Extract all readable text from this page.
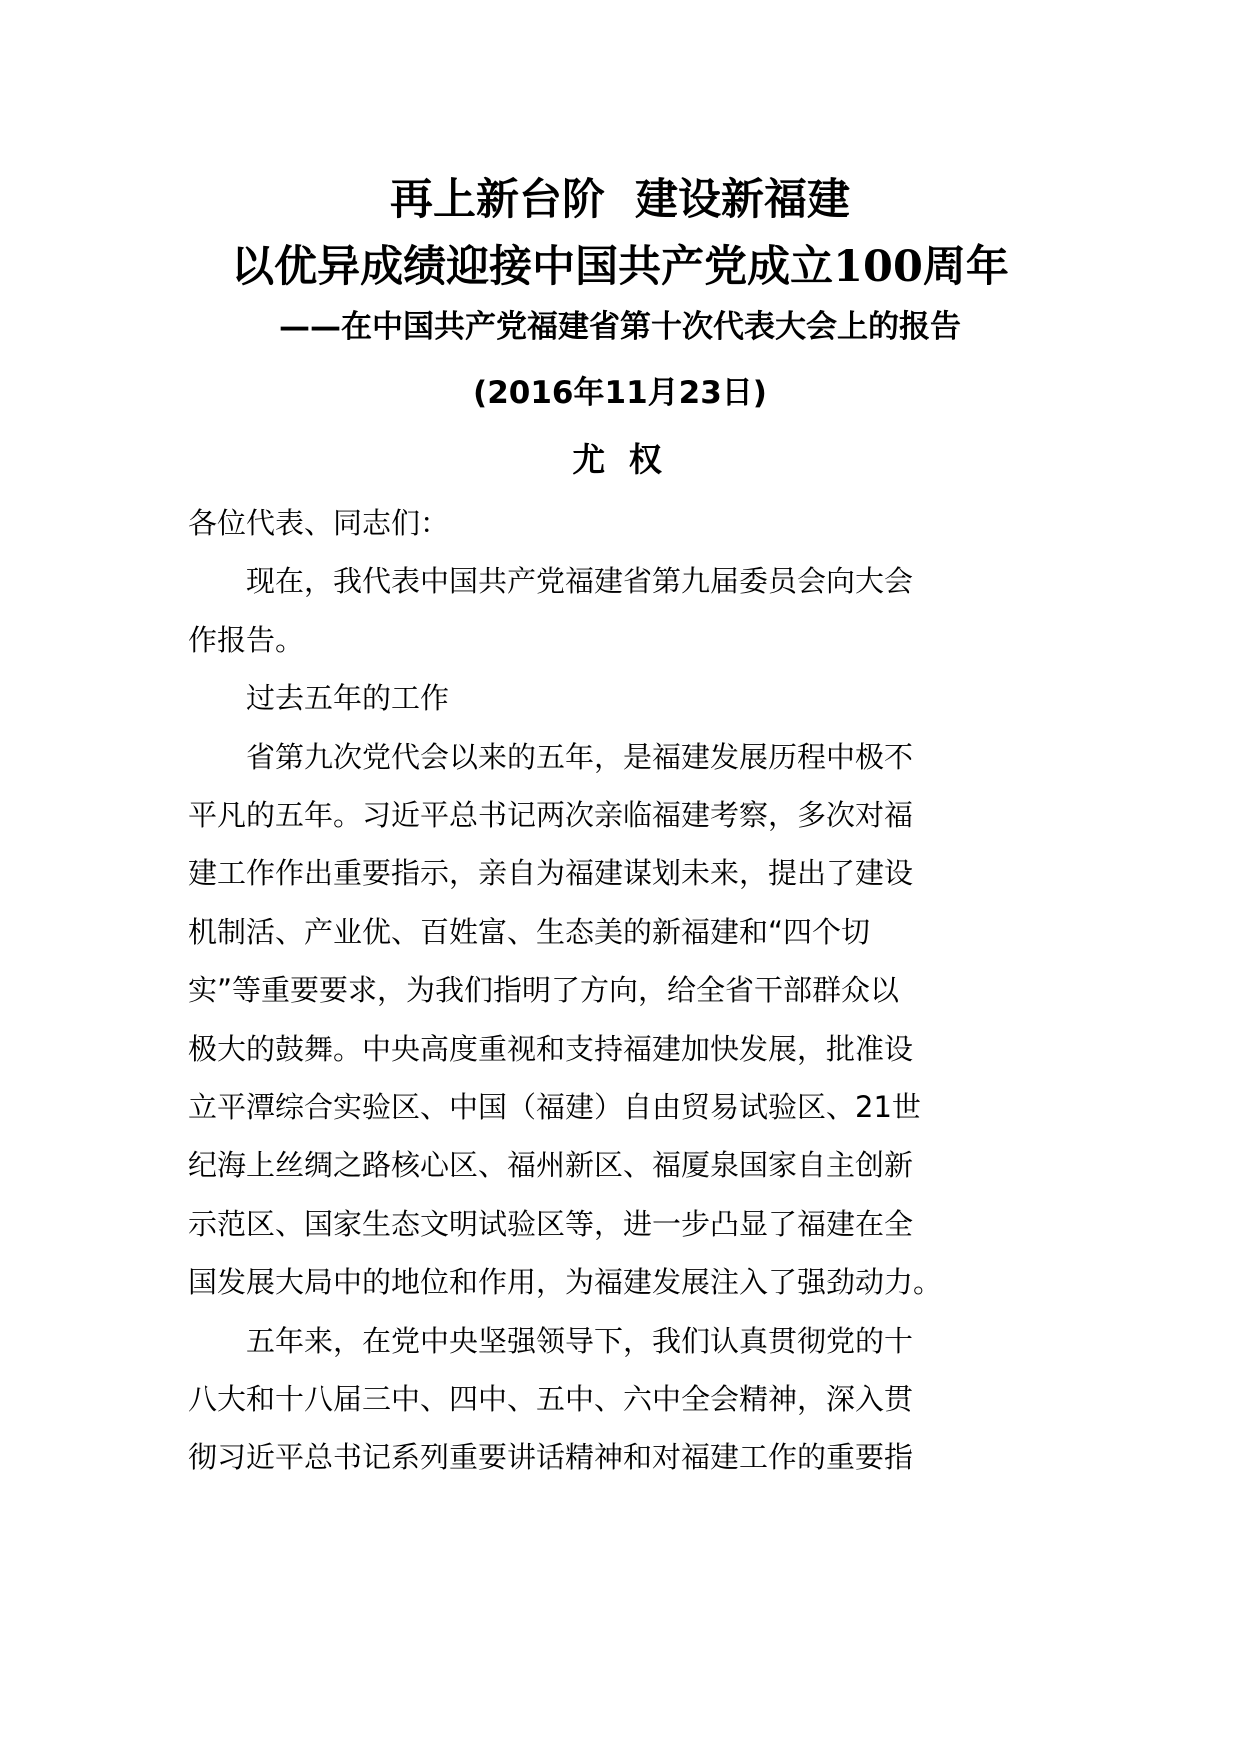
再上新台阶  建设新福建
以优异成绩迎接中国共产党成立100周年
——在中国共产党福建省第十次代表大会上的报告
(2016年11月23日)
尤 权
各位代表、同志们：
　　现在，我代表中国共产党福建省第九届委员会向大会
作报告。
　　过去五年的工作
　　省第九次党代会以来的五年，是福建发展历程中极不
平凡的五年。习近平总书记两次亲临福建考察，多次对福
建工作作出重要指示，亲自为福建谋划未来，提出了建设
机制活、产业优、百姓富、生态美的新福建和“四个切
实”等重要要求，为我们指明了方向，给全省干部群众以
极大的鼓舞。中央高度重视和支持福建加快发展，批准设
立平潭综合实验区、中国（福建）自由贸易试验区、21世
纪海上丝绸之路核心区、福州新区、福厦泉国家自主创新
示范区、国家生态文明试验区等，进一步凸显了福建在全
国发展大局中的地位和作用，为福建发展注入了强劲动力。
　　五年来，在党中央坚强领导下，我们认真贯彻党的十
八大和十八届三中、四中、五中、六中全会精神，深入贯
彻习近平总书记系列重要讲话精神和对福建工作的重要指
